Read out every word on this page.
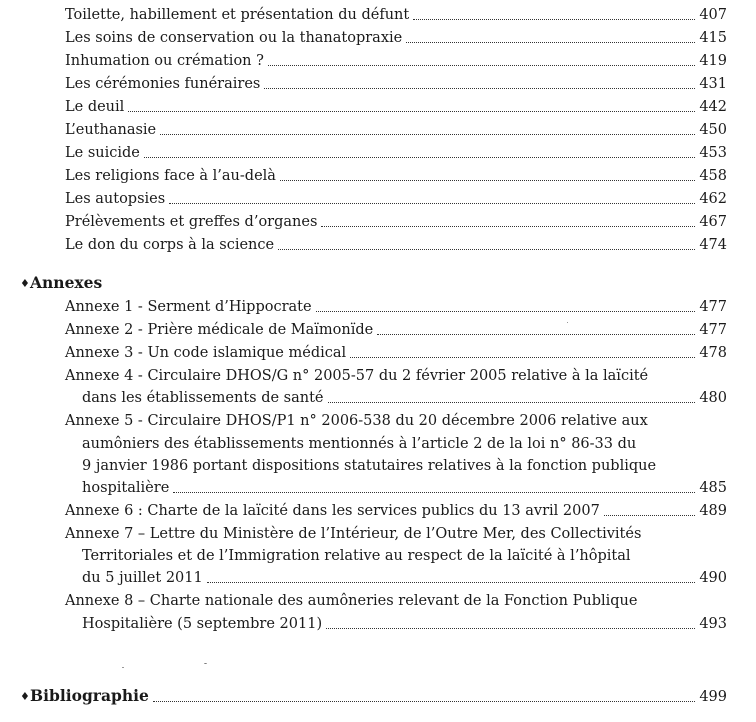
Toilette, habillement et présentation du défunt	407
Les soins de conservation ou la thanatopraxie	415
Inhumation ou crémation ?	419
Les cérémonies funéraires	431
Le deuil	442
L’euthanasie	450
Le suicide	453
Les religions face à l’au-delà	458
Les autopsies	462
Prélèvements et greffes d’organes	467
Le don du corps à la science	474
♦Annexes
Annexe 1 - Serment d’Hippocrate	477
Annexe 2 - Prière médicale de Maïmonïde	477
Annexe 3 - Un code islamique médical	478
Annexe 4 - Circulaire DHOS/G n° 2005-57 du 2 février 2005 relative à la laïcité
dans les établissements de santé	480
Annexe 5 - Circulaire DHOS/P1 n° 2006-538 du 20 décembre 2006 relative aux
aumôniers des établissements mentionnés à l’article 2 de la loi n° 86-33 du
9 janvier 1986 portant dispositions statutaires relatives à la fonction publique
hospitalière	485
Annexe 6 : Charte de la laïcité dans les services publics du 13 avril 2007	489
Annexe 7 – Lettre du Ministère de l’Intérieur, de l’Outre Mer, des Collectivités
Territoriales et de l’Immigration relative au respect de la laïcité à l’hôpital
du 5 juillet 2011	490
Annexe 8 – Charte nationale des aumôneries relevant de la Fonction Publique
Hospitalière (5 septembre 2011)	493
♦Bibliographie	499
